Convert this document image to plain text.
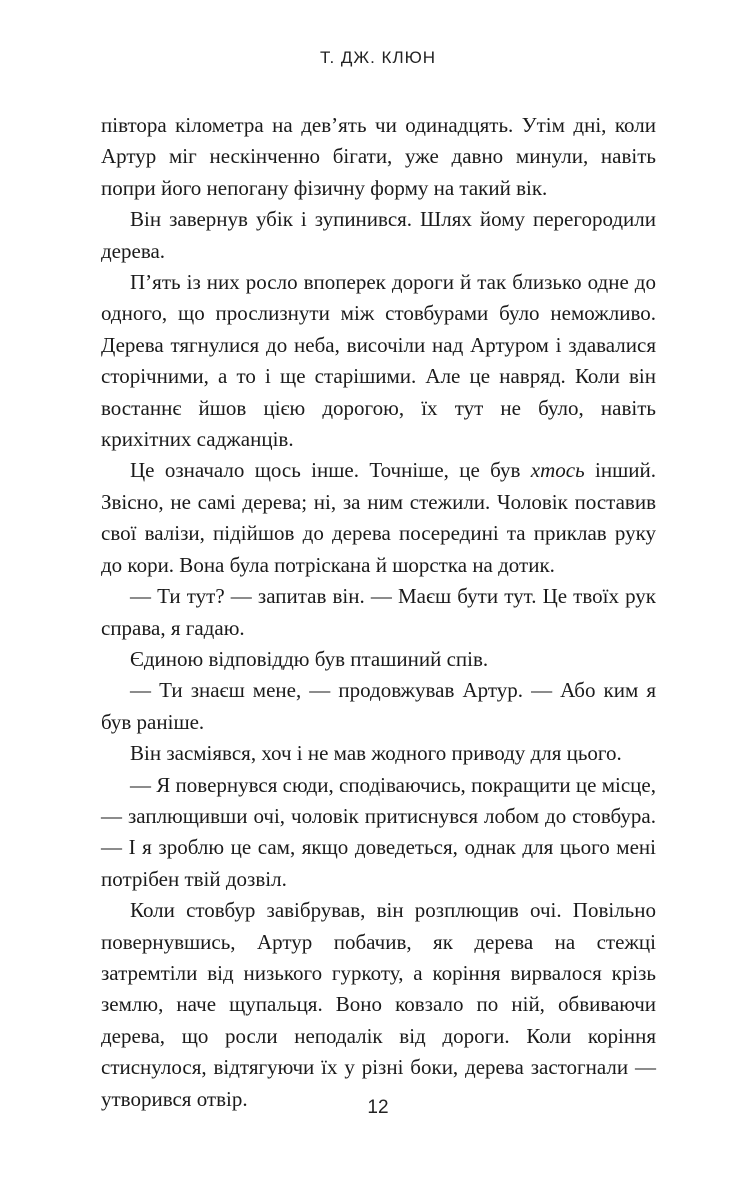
Т. ДЖ. КЛЮН

півтора кілометра на дев’ять чи одинадцять. Утім дні, коли Артур міг нескінченно бігати, уже давно минули, навіть попри його непогану фізичну форму на такий вік.

Він завернув убік і зупинився. Шлях йому перегородили дерева.

П’ять із них росло впоперек дороги й так близько одне до одного, що прослизнути між стовбурами було неможливо. Дерева тягнулися до неба, височіли над Артуром і здавалися сторічними, а то і ще старішими. Але це навряд. Коли він востаннє йшов цією дорогою, їх тут не було, навіть крихітних саджанців.

Це означало щось інше. Точніше, це був хтось інший. Звісно, не самі дерева; ні, за ним стежили. Чоловік поставив свої валізи, підійшов до дерева посередині та приклав руку до кори. Вона була потріскана й шорстка на дотик.

— Ти тут? — запитав він. — Маєш бути тут. Це твоїх рук справа, я гадаю.

Єдиною відповіддю був пташиний спів.

— Ти знаєш мене, — продовжував Артур. — Або ким я був раніше.

Він засміявся, хоч і не мав жодного приводу для цього.

— Я повернувся сюди, сподіваючись, покращити це місце, — заплющивши очі, чоловік притиснувся лобом до стовбура. — І я зроблю це сам, якщо доведеться, однак для цього мені потрібен твій дозвіл.

Коли стовбур завібрував, він розплющив очі. Повільно повернувшись, Артур побачив, як дерева на стежці затремтіли від низького гуркоту, а коріння вирвалося крізь землю, наче щупальця. Воно ковзало по ній, обвиваючи дерева, що росли неподалік від дороги. Коли коріння стиснулося, відтягуючи їх у різні боки, дерева застогнали — утворився отвір.	12
